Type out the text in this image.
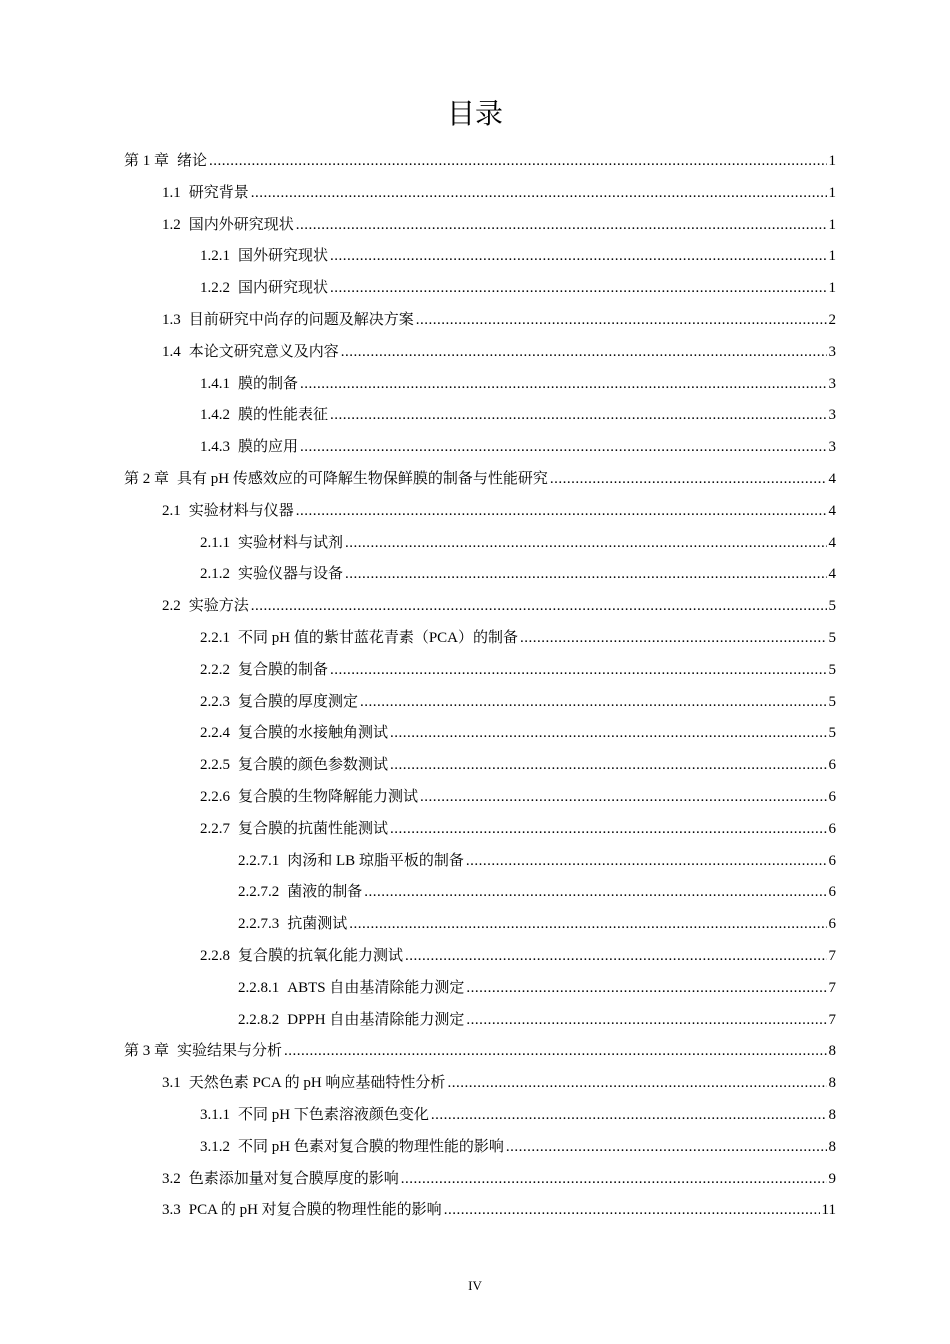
目录
第 1 章 绪论 .....	1
1.1 研究背景 .....	1
1.2 国内外研究现状 .....	1
1.2.1 国外研究现状 .....	1
1.2.2 国内研究现状 .....	1
1.3 目前研究中尚存的问题及解决方案 .....	2
1.4 本论文研究意义及内容 .....	3
1.4.1 膜的制备 .....	3
1.4.2 膜的性能表征 .....	3
1.4.3 膜的应用 .....	3
第 2 章 具有 pH 传感效应的可降解生物保鲜膜的制备与性能研究 .....	4
2.1 实验材料与仪器 .....	4
2.1.1 实验材料与试剂 .....	4
2.1.2 实验仪器与设备 .....	4
2.2 实验方法 .....	5
2.2.1 不同 pH 值的紫甘蓝花青素（PCA）的制备 .....	5
2.2.2 复合膜的制备 .....	5
2.2.3 复合膜的厚度测定 .....	5
2.2.4 复合膜的水接触角测试 .....	5
2.2.5 复合膜的颜色参数测试 .....	6
2.2.6 复合膜的生物降解能力测试 .....	6
2.2.7 复合膜的抗菌性能测试 .....	6
2.2.7.1 肉汤和 LB 琼脂平板的制备 .....	6
2.2.7.2 菌液的制备 .....	6
2.2.7.3 抗菌测试 .....	6
2.2.8 复合膜的抗氧化能力测试 .....	7
2.2.8.1 ABTS 自由基清除能力测定 .....	7
2.2.8.2 DPPH 自由基清除能力测定 .....	7
第 3 章 实验结果与分析 .....	8
3.1 天然色素 PCA 的 pH 响应基础特性分析 .....	8
3.1.1 不同 pH 下色素溶液颜色变化 .....	8
3.1.2 不同 pH 色素对复合膜的物理性能的影响 .....	8
3.2 色素添加量对复合膜厚度的影响 .....	9
3.3 PCA 的 pH 对复合膜的物理性能的影响 .....	11
IV
